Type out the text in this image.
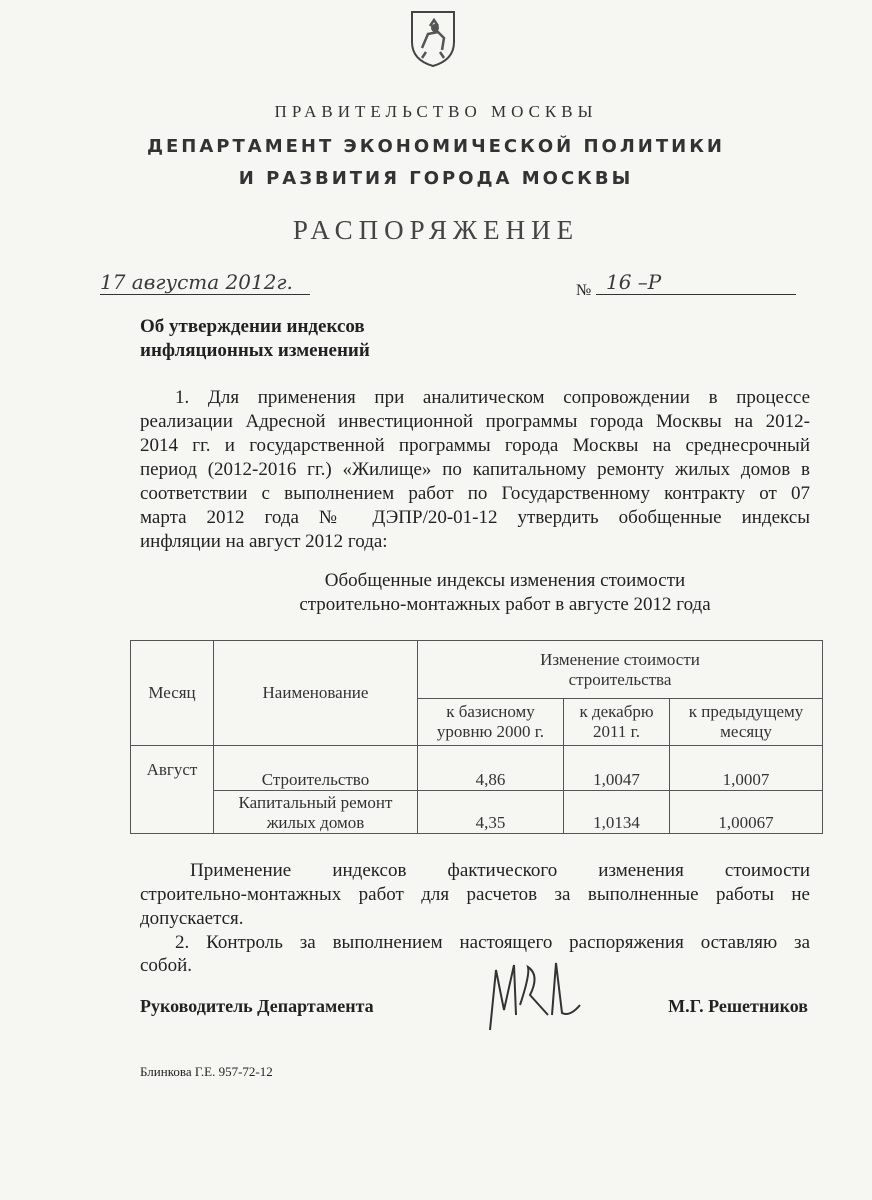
ПРАВИТЕЛЬСТВО МОСКВЫ
ДЕПАРТАМЕНТ ЭКОНОМИЧЕСКОЙ ПОЛИТИКИ
И РАЗВИТИЯ ГОРОДА МОСКВЫ
РАСПОРЯЖЕНИЕ
17 августа 2012г.	№ 16 –Р
Об утверждении индексов
инфляционных изменений
1. Для применения при аналитическом сопровождении в процессе
реализации Адресной инвестиционной программы города Москвы на 2012-
2014 гг. и государственной программы города Москвы на среднесрочный
период (2012-2016 гг.) «Жилище» по капитальному ремонту жилых домов в
соответствии с выполнением работ по Государственному контракту от 07
марта 2012 года № ДЭПР/20-01-12 утвердить обобщенные индексы
инфляции на август 2012 года:
Обобщенные индексы изменения стоимости
строительно-монтажных работ в августе 2012 года
Месяц	Наименование	Изменение стоимости строительства		
		к базисному уровню 2000 г.	к декабрю 2011 г.	к предыдущему месяцу
Август	Строительство	4,86	1,0047	1,0007
	Капитальный ремонт жилых домов	4,35	1,0134	1,00067
Применение индексов фактического изменения стоимости
строительно-монтажных работ для расчетов за выполненные работы не
допускается.
2. Контроль за выполнением настоящего распоряжения оставляю за
собой.
Руководитель Департамента	М.Г. Решетников
Блинкова Г.Е. 957-72-12
